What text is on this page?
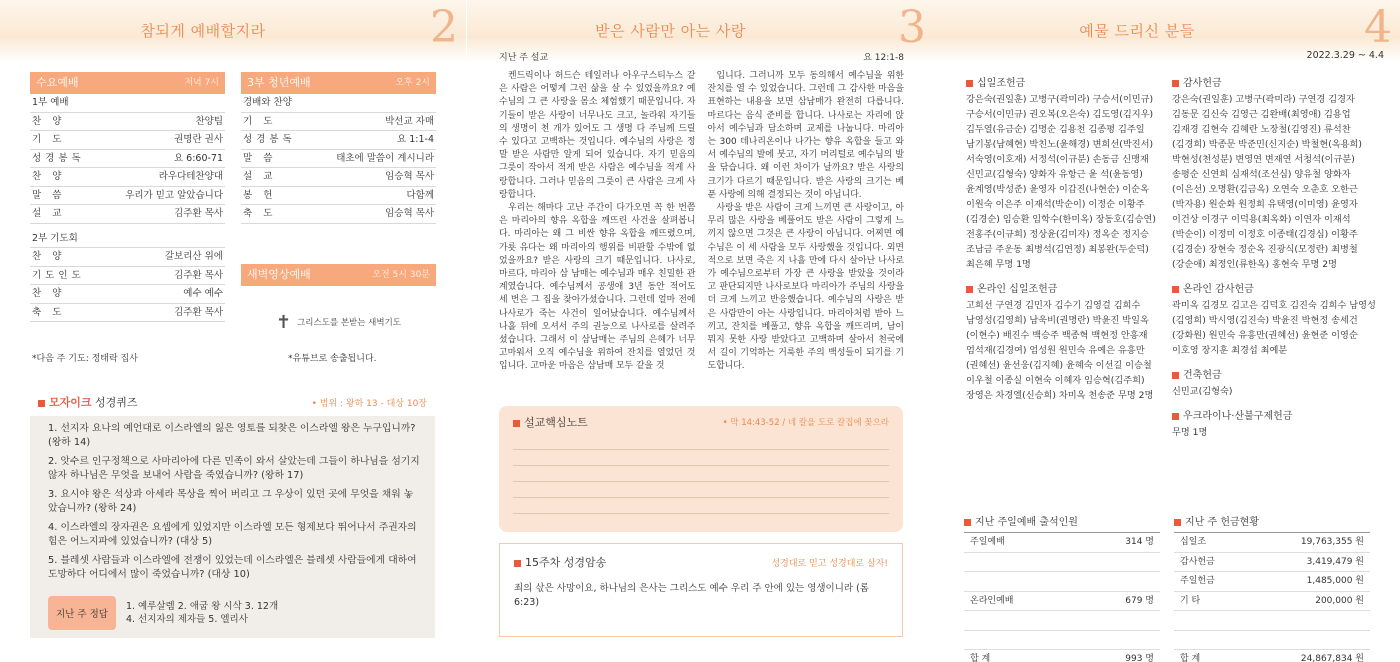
참되게 예배할지라	2
수요예배	저녁 7시
1부 예배
찬 양	찬양팀
기 도	권명란 권사
성경봉독	요 6:60-71
찬 양	라우다테찬양대
말 씀	우리가 믿고 알았습니다
설 교	김주환 목사
2부 기도회
찬 양	갈보리산 위에
기도인도	김주환 목사
찬 양	예수 예수
축 도	김주환 목사
3부 청년예배	오후 2시
경배와 찬양
기 도	박선교 자매
성경봉독	요 1:1-4
말 씀	태초에 말씀이 계시니라
설 교	임승혁 목사
봉 헌	다함께
축 도	임승혁 목사
새벽영상예배	오전 5시 30분
✝ 그리스도를 본받는 새벽기도
*다음 주 기도: 정태락 집사	*유튜브로 송출됩니다.
모자이크 성경퀴즈	• 범위 : 왕하 13 - 대상 10장
1. 선지자 요나의 예언대로 이스라엘의 잃은 영토를 되찾은 이스라엘 왕은 누구입니까? (왕하 14)
2. 앗수르 인구정책으로 사마리아에 다른 민족이 와서 살았는데 그들이 하나님을 섬기지 않자 하나님은 무엇을 보내어 사람을 죽였습니까? (왕하 17)
3. 요시야 왕은 석상과 아세라 목상을 찍어 버리고 그 우상이 있던 곳에 무엇을 채워 놓았습니까? (왕하 24)
4. 이스라엘의 장자권은 요셉에게 있었지만 이스라엘 모든 형제보다 뛰어나서 주권자의 힘은 어느지파에 있었습니까? (대상 5)
5. 블레셋 사람들과 이스라엘에 전쟁이 있었는데 이스라엘은 블레셋 사람들에게 대하여 도망하다 어디에서 많이 죽었습니까? (대상 10)
지난 주 정답
1. 예루살렘 2. 애굽 왕 시삭 3. 12개
4. 선지자의 제자들 5. 엘리사
받은 사람만 아는 사랑	3
지난 주 설교	요 12:1-8

켄드릭이나 허드슨 테일러나 아우구스티누스 같은 사람은 어떻게 그런 삶을 살 수 있었을까요? 예수님의 그 큰 사랑을 몸소 체험했기 때문입니다. 자기들이 받은 사랑이 너무나도 크고, 놀라워 자기들의 생명이 천 개가 있어도 그 생명 다 주님께 드릴 수 있다고 고백하는 것입니다. 예수님의 사랑은 정말 받은 사람만 알게 되어 있습니다. 자기 믿음의 그릇이 작아서 적게 받은 사람은 예수님을 적게 사랑합니다. 그러나 믿음의 그릇이 큰 사람은 크게 사랑합니다.

우리는 해마다 고난 주간이 다가오면 꼭 한 번쯤은 마리아의 향유 옥합을 깨뜨린 사건을 살펴봅니다. 마리아는 왜 그 비싼 향유 옥합을 깨뜨렸으며, 가룟 유다는 왜 마리아의 행위를 비판할 수밖에 없었을까요? 받은 사랑의 크기 때문입니다. 나사로, 마르다, 마리아 삼 남매는 예수님과 매우 친밀한 관계였습니다. 예수님께서 공생애 3년 동안 적어도 세 번은 그 집을 찾아가셨습니다. 그런데 얼마 전에 나사로가 죽는 사건이 일어났습니다. 예수님께서 나흘 뒤에 오셔서 주의 권능으로 나사로를 살려주셨습니다. 그래서 이 삼남매는 주님의 은혜가 너무 고마워서 오직 예수님을 위하여 잔치를 열었던 것입니다. 고마운 마음은 삼남매 모두 같을 것

입니다. 그러니까 모두 동의해서 예수님을 위한 잔치를 열 수 있었습니다. 그런데 그 감사한 마음을 표현하는 내용을 보면 삼남매가 완전히 다릅니다. 마르다는 음식 준비를 합니다. 나사로는 자리에 앉아서 예수님과 담소하며 교제를 나눕니다. 마리아는 300 데나리온이나 나가는 향유 옥합을 들고 와서 예수님의 발에 붓고, 자기 머리털로 예수님의 발을 닦습니다. 왜 이런 차이가 날까요? 받은 사랑의 크기가 다르기 때문입니다. 받은 사랑의 크기는 베푼 사랑에 의해 결정되는 것이 아닙니다.

사랑을 받은 사람이 크게 느끼면 큰 사랑이고, 아무리 많은 사랑을 베풀어도 받은 사람이 그렇게 느끼지 않으면 그것은 큰 사랑이 아닙니다. 어찌면 예수님은 이 세 사람을 모두 사랑했을 것입니다. 외면적으로 보면 죽은 지 나흘 만에 다시 살아난 나사로가 예수님으로부터 가장 큰 사랑을 받았을 것이라고 판단되지만 나사로보다 마리아가 주님의 사랑을 더 크게 느끼고 반응했습니다. 예수님의 사랑은 받은 사람만이 아는 사랑입니다. 마리아처럼 받아 느끼고, 잔치를 베풀고, 향유 옥합을 깨뜨리며, 남이 뭐지 못한 사랑 받았다고 고백하며 살아서 천국에서 길이 기억하는 거룩한 주의 백성들이 되기를 기도합니다.

설교핵심노트	• 막 14:43-52 / 네 칼을 도로 칼집에 꽂으라
15주차 성경암송	성경대로 믿고 성경대로 살자!
죄의 삯은 사망이요, 하나님의 은사는 그리스도 예수 우리 주 안에 있는 영생이니라 (롬 6:23)
예물 드리신 분들	4
2022.3.29 ~ 4.4
십일조헌금
강은숙(권일훈) 고병구(곽미라) 구승서(이민규) 구승서(이민규) 권오복(오은숙) 김도영(김지우) 김두열(유금순) 김명순 김용천 김종평 김주일 남기봉(남혜현) 박친노(윤해경) 변희선(박진서) 서숙영(이호재) 서정석(이규분) 손동금 신맹재 신민교(김형숙) 양화자 유항근 윤 석(윤동영) 윤계영(박성준) 윤영자 이갑진(나현순) 이순옥 이원숙 이은주 이재석(박순이) 이정순 이황주 (김경순) 임승환 임학수(한미옥) 장동호(김승연) 전홍주(이규희) 정상윤(김미자) 정옥순 정지승 조남금 주운동 최병석(김연정) 최봉완(두순덕) 최은혜 무명 1명
온라인 십일조헌금
고희선 구연경 김민자 김수기 김영걸 김희수 남영성(김영희) 남욱비(권명란) 박윤진 박일옥 (이현수) 배진수 백승주 백종혁 백현정 안흥재 엄석재(김경여) 엄성원 원민숙 유예은 유흥만 (권혜선) 윤선웅(김지혜) 윤혜숙 이선길 이승철 이우철 이종실 이현숙 이혜자 임승혁(김주희) 장영은 차경엘(신승희) 차미옥 천송준 무명 2명
감사헌금
강은숙(권일훈) 고병구(곽미라) 구연경 김경자 김동문 김신숙 김영근 김완배(최영애) 김용업 김재경 김현숙 김혜란 노장철(김영진) 류석찬 (김경희) 박종문 박준민(신지순) 박철현(옥용희) 박현성(천성분) 변영연 변재연 서청석(이규분) 송평순 신연희 심재석(조선심) 양유철 양화자 (이은선) 오명환(김금옥) 오연숙 오춘호 오한근 (박자용) 원순화 원정희 유택영(이미영) 윤영자 이건상 이경구 이덕용(최옥화) 이연자 이재석 (박순이) 이정미 이정호 이종태(김경심) 이황주 (김경순) 장현숙 정순옥 진광식(모정란) 최병철 (강순애) 최정인(류한옥) 홍현숙 무명 2명
온라인 감사헌금
곽미옥 김경모 김고은 김덕호 김진숙 김희수 남영성(김영희) 박시영(김진숙) 박윤진 박현정 송세건(강화원) 원민숙 유흥만(권혜선) 윤현준 이영순 이호영 장지훈 최경섭 최예분
건축헌금
신민교(김형숙)
우크라이나·산불구제헌금
무명 1명
지난 주일예배 출석인원
주일예배	314 명
온라인예배	679 명
합 계	993 명
지난 주 헌금현황
십일조	19,763,355 원
감사헌금	3,419,479 원
주일헌금	1,485,000 원
기 타	200,000 원
합 계	24,867,834 원
